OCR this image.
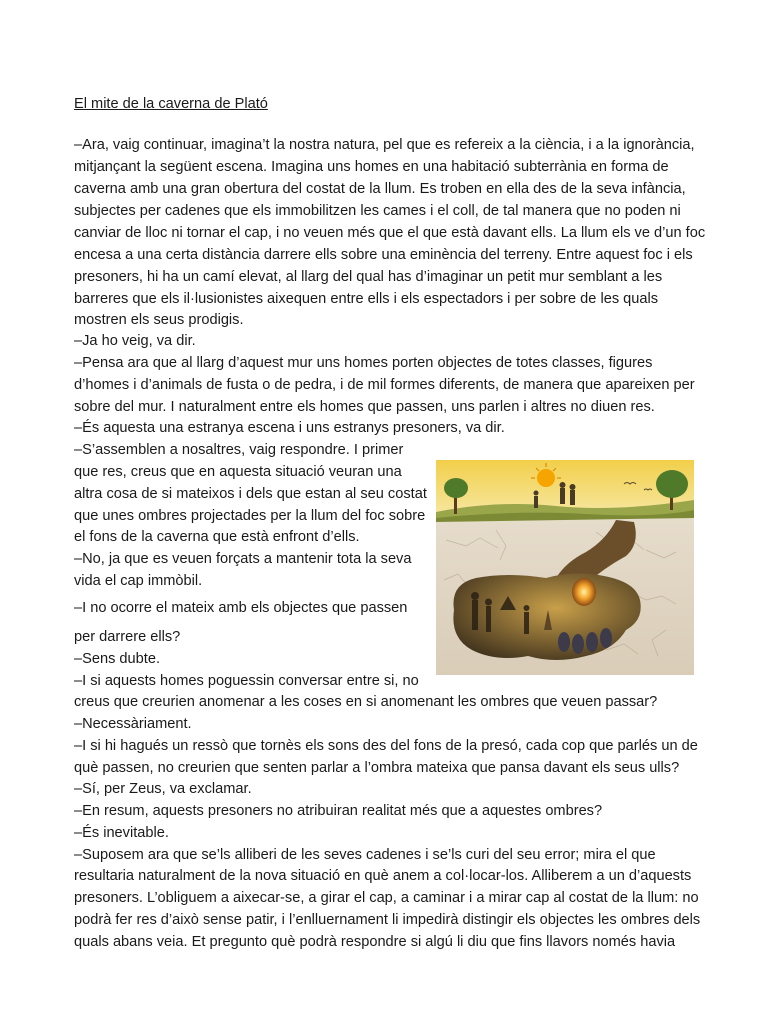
El mite de la caverna de Plató

–Ara, vaig continuar, imagina’t la nostra natura, pel que es refereix a la ciència, i a la ignorància,

mitjançant la següent escena. Imagina uns homes en una habitació subterrània en forma de

caverna amb una gran obertura del costat de la llum. Es troben en ella des de la seva infància,

subjectes per cadenes que els immobilitzen les cames i el coll, de tal manera que no poden ni

canviar de lloc ni tornar el cap, i no veuen més que el que està davant ells. La llum els ve d’un foc

encesa a una certa distància darrere ells sobre una eminència del terreny. Entre aquest foc i els

presoners, hi ha un camí elevat, al llarg del qual has d’imaginar un petit mur semblant a les

barreres que els il·lusionistes aixequen entre ells i els espectadors i per sobre de les quals

mostren els seus prodigis.

–Ja ho veig, va dir.

–Pensa ara que al llarg d’aquest mur uns homes porten objectes de totes classes, figures

d’homes i d’animals de fusta o de pedra, i de mil formes diferents, de manera que apareixen per

sobre del mur. I naturalment entre els homes que passen, uns parlen i altres no diuen res.

–És aquesta una estranya escena i uns estranys presoners, va dir.

–S’assemblen a nosaltres, vaig respondre. I primer

que res, creus que en aquesta situació veuran una

altra cosa de si mateixos i dels que estan al seu costat

que unes ombres projectades per la llum del foc sobre

el fons de la caverna que està enfront d’ells.

–No, ja que es veuen forçats a mantenir tota la seva

vida el cap immòbil.

–I no ocorre el mateix amb els objectes que passen

per darrere ells?

–Sens dubte.

–I si aquests homes poguessin conversar entre si, no

creus que creurien anomenar a les coses en si anomenant les ombres que veuen passar?

–Necessàriament.

–I si hi hagués un ressò que tornès els sons des del fons de la presó, cada cop que parlés un de

què passen, no creurien que senten parlar a l’ombra mateixa que pansa davant els seus ulls?

–Sí, per Zeus, va exclamar.

–En resum, aquests presoners no atribuiran realitat més que a aquestes ombres?

–És inevitable.

–Suposem ara que se’ls alliberi de les seves cadenes i se’ls curi del seu error; mira el que

resultaria naturalment de la nova situació en què anem a col·locar-los. Alliberem a un d’aquests

presoners. L’obliguem a aixecar-se, a girar el cap, a caminar i a mirar cap al costat de la llum: no

podrà fer res d’això sense patir, i l’enlluernament li impedirà distingir els objectes les ombres dels

quals abans veia. Et pregunto què podrà respondre si algú li diu que fins llavors només havia
